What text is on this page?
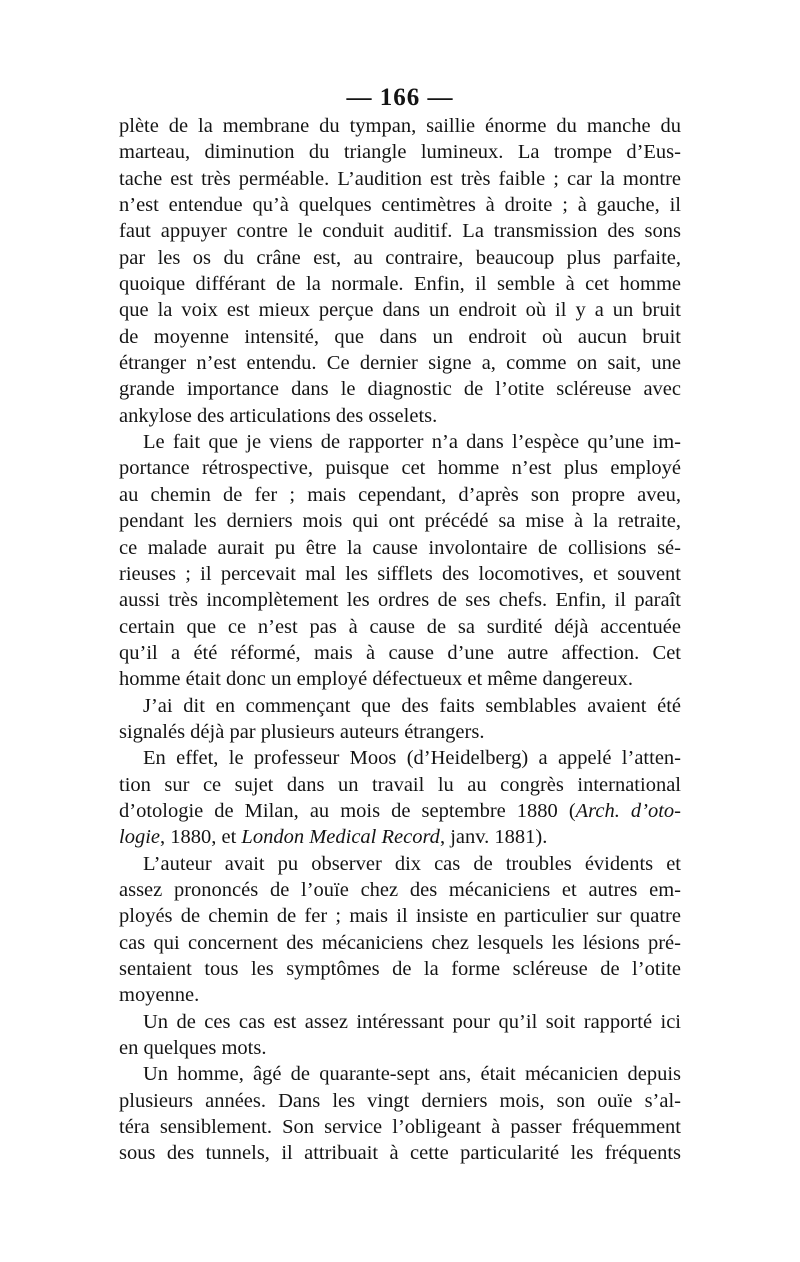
— 166 —
plète de la membrane du tympan, saillie énorme du manche du
marteau, diminution du triangle lumineux. La trompe d’Eus-
tache est très perméable. L’audition est très faible ; car la montre
n’est entendue qu’à quelques centimètres à droite ; à gauche, il
faut appuyer contre le conduit auditif. La transmission des sons
par les os du crâne est, au contraire, beaucoup plus parfaite,
quoique différant de la normale. Enfin, il semble à cet homme
que la voix est mieux perçue dans un endroit où il y a un bruit
de moyenne intensité, que dans un endroit où aucun bruit
étranger n’est entendu. Ce dernier signe a, comme on sait, une
grande importance dans le diagnostic de l’otite scléreuse avec
ankylose des articulations des osselets.
Le fait que je viens de rapporter n’a dans l’espèce qu’une im-
portance rétrospective, puisque cet homme n’est plus employé
au chemin de fer ; mais cependant, d’après son propre aveu,
pendant les derniers mois qui ont précédé sa mise à la retraite,
ce malade aurait pu être la cause involontaire de collisions sé-
rieuses ; il percevait mal les sifflets des locomotives, et souvent
aussi très incomplètement les ordres de ses chefs. Enfin, il paraît
certain que ce n’est pas à cause de sa surdité déjà accentuée
qu’il a été réformé, mais à cause d’une autre affection. Cet
homme était donc un employé défectueux et même dangereux.
J’ai dit en commençant que des faits semblables avaient été
signalés déjà par plusieurs auteurs étrangers.
En effet, le professeur Moos (d’Heidelberg) a appelé l’atten-
tion sur ce sujet dans un travail lu au congrès international
d’otologie de Milan, au mois de septembre 1880 (Arch. d’oto-
logie, 1880, et London Medical Record, janv. 1881).
L’auteur avait pu observer dix cas de troubles évidents et
assez prononcés de l’ouïe chez des mécaniciens et autres em-
ployés de chemin de fer ; mais il insiste en particulier sur quatre
cas qui concernent des mécaniciens chez lesquels les lésions pré-
sentaient tous les symptômes de la forme scléreuse de l’otite
moyenne.
Un de ces cas est assez intéressant pour qu’il soit rapporté ici
en quelques mots.
Un homme, âgé de quarante-sept ans, était mécanicien depuis
plusieurs années. Dans les vingt derniers mois, son ouïe s’al-
téra sensiblement. Son service l’obligeant à passer fréquemment
sous des tunnels, il attribuait à cette particularité les fréquents
